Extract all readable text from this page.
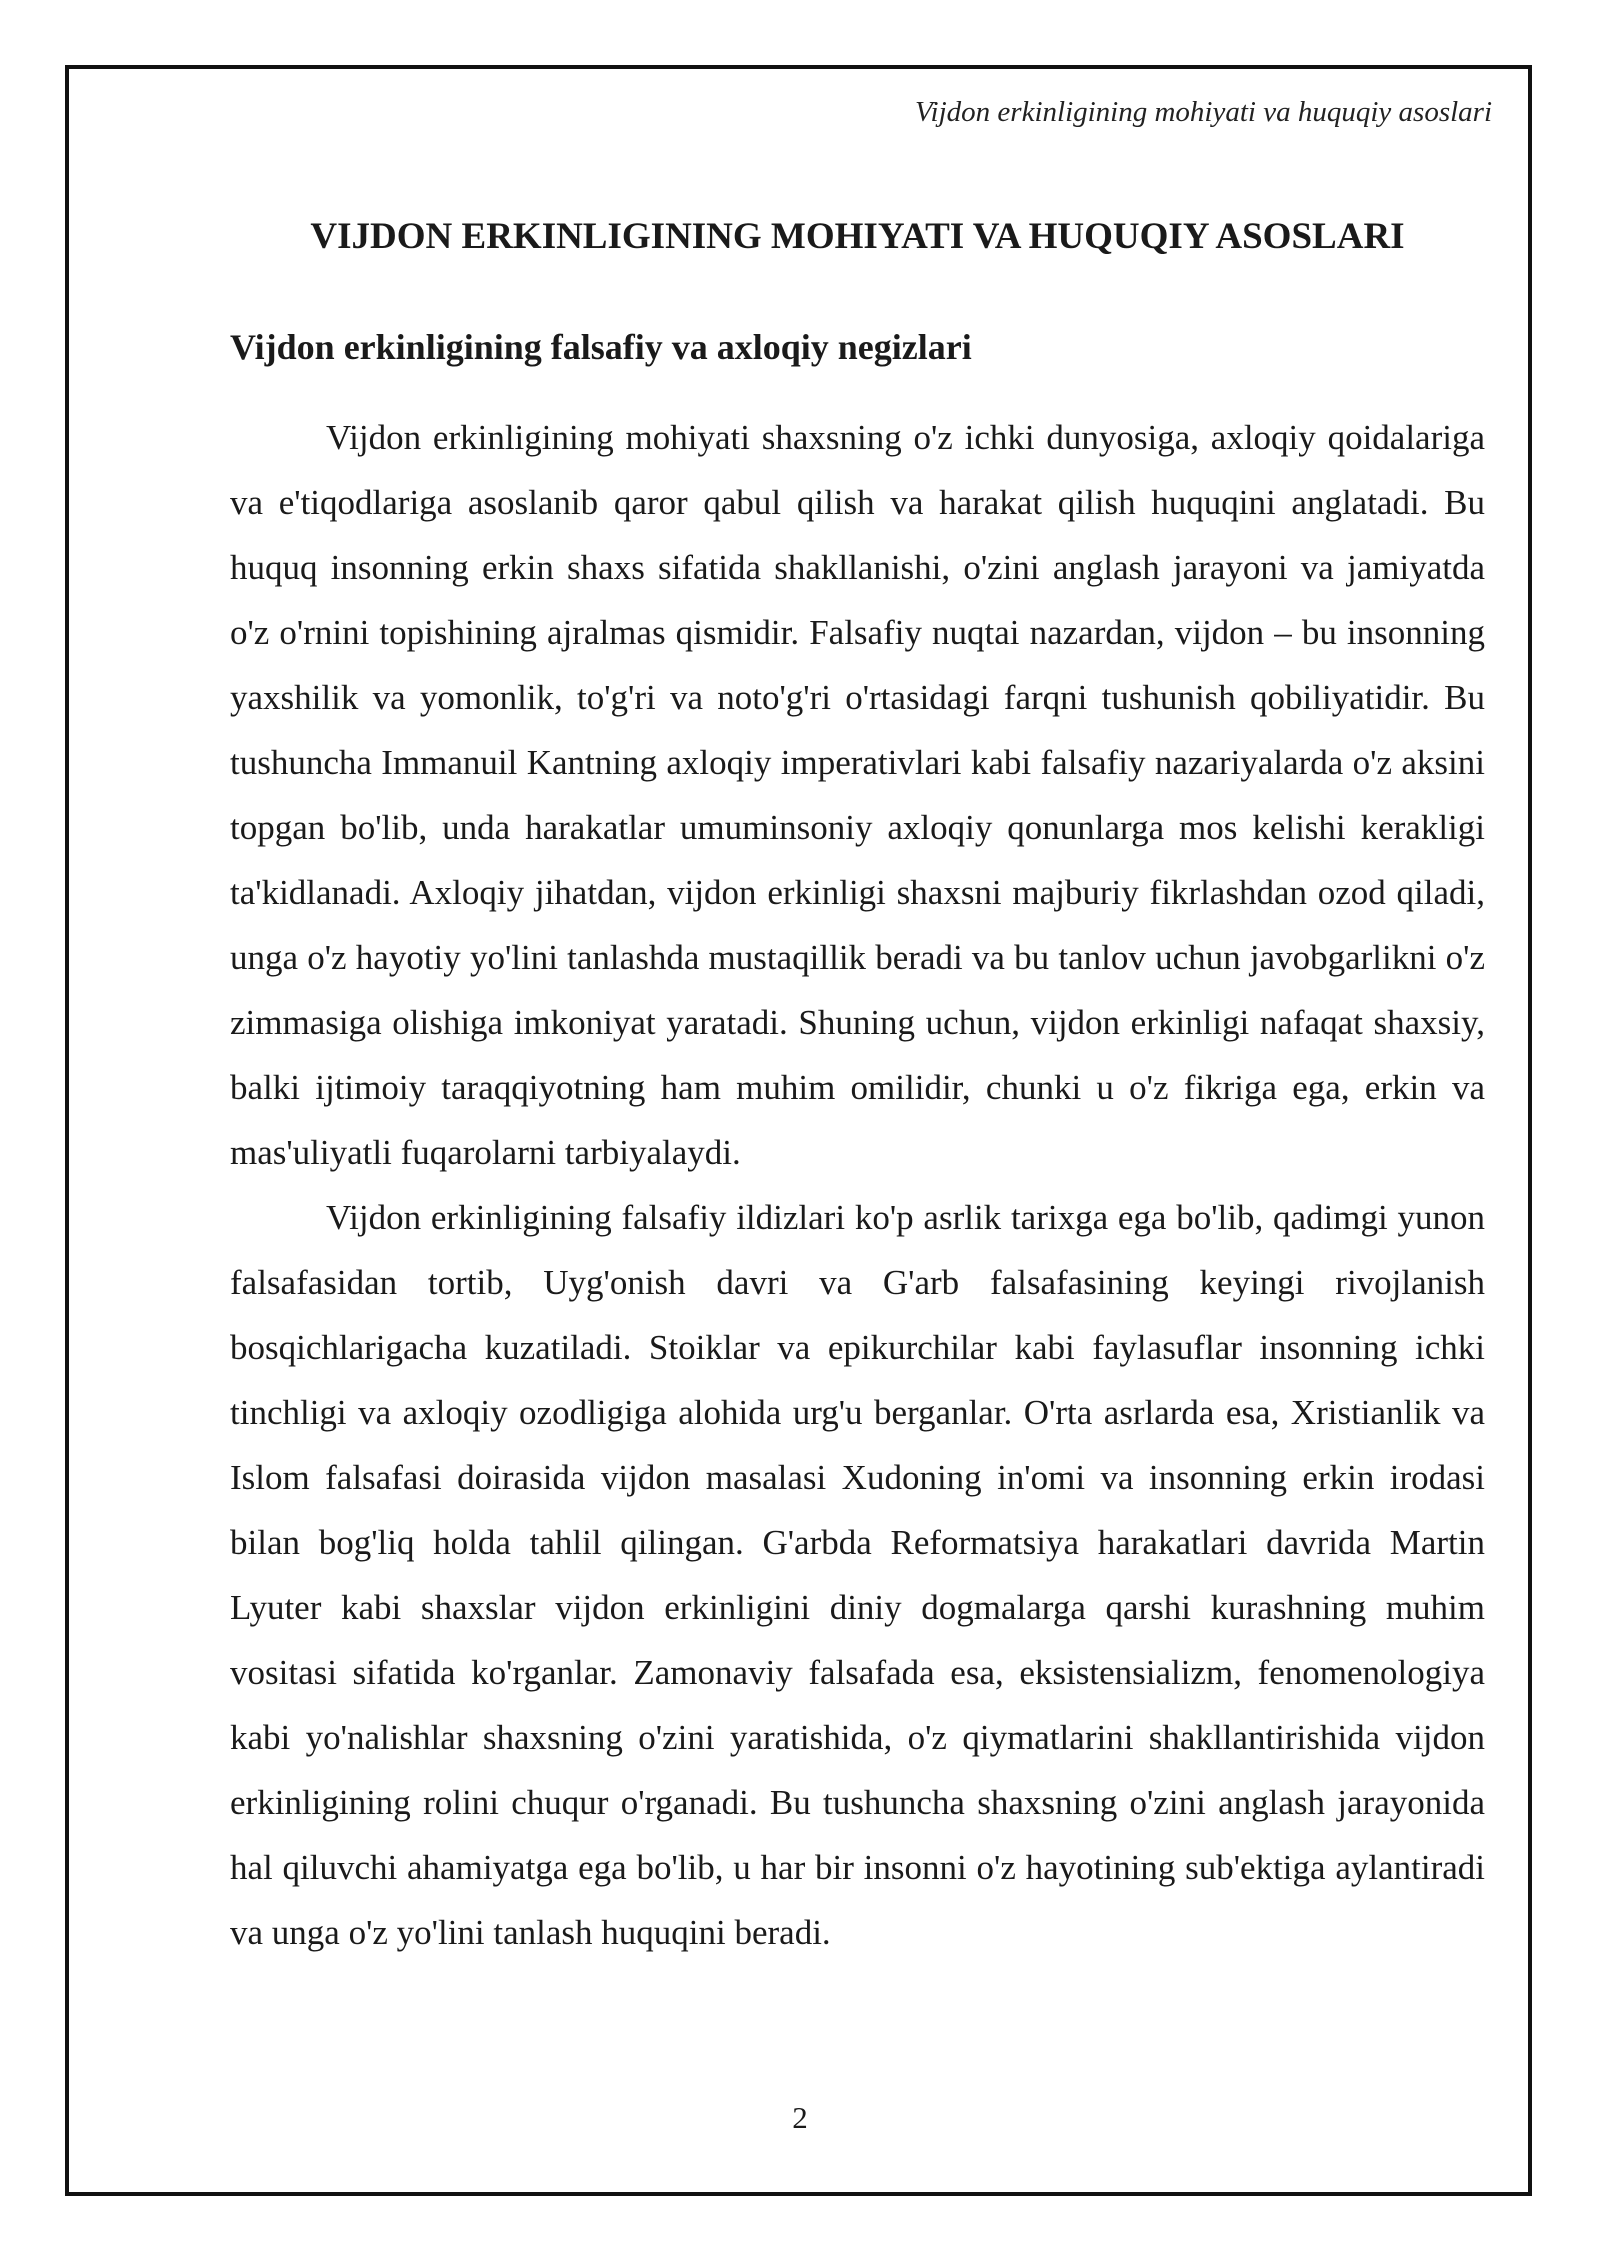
Vijdon erkinligining mohiyati va huquqiy asoslari
VIJDON ERKINLIGINING MOHIYATI VA HUQUQIY ASOSLARI
Vijdon erkinligining falsafiy va axloqiy negizlari

Vijdon erkinligining mohiyati shaxsning o'z ichki dunyosiga, axloqiy qoidalariga va e'tiqodlariga asoslanib qaror qabul qilish va harakat qilish huquqini anglatadi. Bu huquq insonning erkin shaxs sifatida shakllanishi, o'zini anglash jarayoni va jamiyatda o'z o'rnini topishining ajralmas qismidir. Falsafiy nuqtai nazardan, vijdon – bu insonning yaxshilik va yomonlik, to'g'ri va noto'g'ri o'rtasidagi farqni tushunish qobiliyatidir. Bu tushuncha Immanuil Kantning axloqiy imperativlari kabi falsafiy nazariyalarda o'z aksini topgan bo'lib, unda harakatlar umuminsoniy axloqiy qonunlarga mos kelishi kerakligi ta'kidlanadi. Axloqiy jihatdan, vijdon erkinligi shaxsni majburiy fikrlashdan ozod qiladi, unga o'z hayotiy yo'lini tanlashda mustaqillik beradi va bu tanlov uchun javobgarlikni o'z zimmasiga olishiga imkoniyat yaratadi. Shuning uchun, vijdon erkinligi nafaqat shaxsiy, balki ijtimoiy taraqqiyotning ham muhim omilidir, chunki u o'z fikriga ega, erkin va mas'uliyatli fuqarolarni tarbiyalaydi.

Vijdon erkinligining falsafiy ildizlari ko'p asrlik tarixga ega bo'lib, qadimgi yunon falsafasidan tortib, Uyg'onish davri va G'arb falsafasining keyingi rivojlanish bosqichlarigacha kuzatiladi. Stoiklar va epikurchilar kabi faylasuflar insonning ichki tinchligi va axloqiy ozodligiga alohida urg'u berganlar. O'rta asrlarda esa, Xristianlik va Islom falsafasi doirasida vijdon masalasi Xudoning in'omi va insonning erkin irodasi bilan bog'liq holda tahlil qilingan. G'arbda Reformatsiya harakatlari davrida Martin Lyuter kabi shaxslar vijdon erkinligini diniy dogmalarga qarshi kurashning muhim vositasi sifatida ko'rganlar. Zamonaviy falsafada esa, eksistensializm, fenomenologiya kabi yo'nalishlar shaxsning o'zini yaratishida, o'z qiymatlarini shakllantirishida vijdon erkinligining rolini chuqur o'rganadi. Bu tushuncha shaxsning o'zini anglash jarayonida hal qiluvchi ahamiyatga ega bo'lib, u har bir insonni o'z hayotining sub'ektiga aylantiradi va unga o'z yo'lini tanlash huquqini beradi.

2
